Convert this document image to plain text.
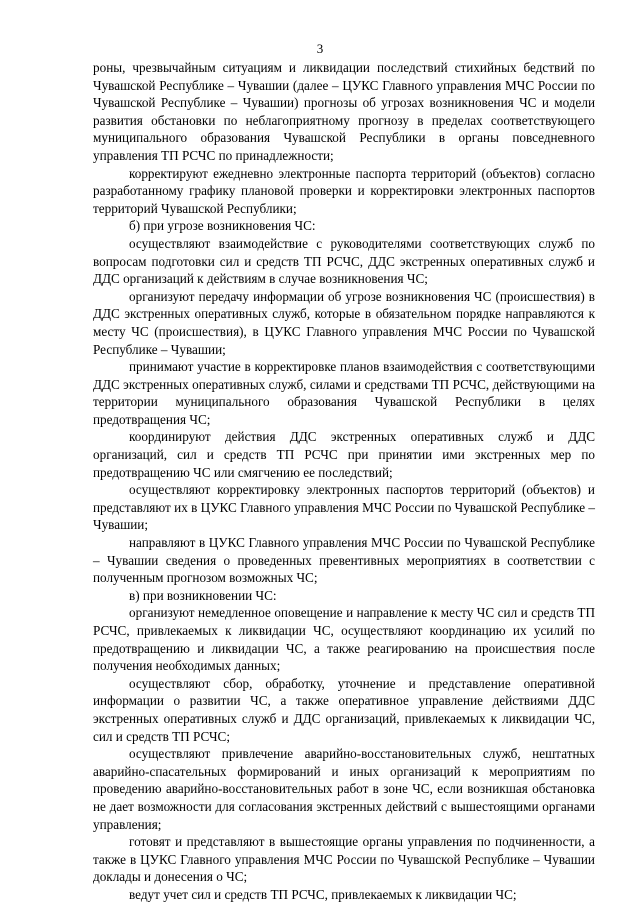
3

роны, чрезвычайным ситуациям и ликвидации последствий стихийных бедствий по Чувашской Республике – Чувашии (далее – ЦУКС Главного управления МЧС России по Чувашской Республике – Чувашии) прогнозы об угрозах возникновения ЧС и модели развития обстановки по неблагоприятному прогнозу в пределах соответствующего муниципального образования Чувашской Республики в органы повседневного управления ТП РСЧС по принадлежности;

корректируют ежедневно электронные паспорта территорий (объектов) согласно разработанному графику плановой проверки и корректировки электронных паспортов территорий Чувашской Республики;

б) при угрозе возникновения ЧС:

осуществляют взаимодействие с руководителями соответствующих служб по вопросам подготовки сил и средств ТП РСЧС, ДДС экстренных оперативных служб и ДДС организаций к действиям в случае возникновения ЧС;

организуют передачу информации об угрозе возникновения ЧС (происшествия) в ДДС экстренных оперативных служб, которые в обязательном порядке направляются к месту ЧС (происшествия), в ЦУКС Главного управления МЧС России по Чувашской Республике – Чувашии;

принимают участие в корректировке планов взаимодействия с соответствующими ДДС экстренных оперативных служб, силами и средствами ТП РСЧС, действующими на территории муниципального образования Чувашской Республики в целях предотвращения ЧС;

координируют действия ДДС экстренных оперативных служб и ДДС организаций, сил и средств ТП РСЧС при принятии ими экстренных мер по предотвращению ЧС или смягчению ее последствий;

осуществляют корректировку электронных паспортов территорий (объектов) и представляют их в ЦУКС Главного управления МЧС России по Чувашской Республике – Чувашии;

направляют в ЦУКС Главного управления МЧС России по Чувашской Республике – Чувашии сведения о проведенных превентивных мероприятиях в соответствии с полученным прогнозом возможных ЧС;

в) при возникновении ЧС:

организуют немедленное оповещение и направление к месту ЧС сил и средств ТП РСЧС, привлекаемых к ликвидации ЧС, осуществляют координацию их усилий по предотвращению и ликвидации ЧС, а также реагированию на происшествия после получения необходимых данных;

осуществляют сбор, обработку, уточнение и представление оперативной информации о развитии ЧС, а также оперативное управление действиями ДДС экстренных оперативных служб и ДДС организаций, привлекаемых к ликвидации ЧС, сил и средств ТП РСЧС;

осуществляют привлечение аварийно-восстановительных служб, нештатных аварийно-спасательных формирований и иных организаций к мероприятиям по проведению аварийно-восстановительных работ в зоне ЧС, если возникшая обстановка не дает возможности для согласования экстренных действий с вышестоящими органами управления;

готовят и представляют в вышестоящие органы управления по подчиненности, а также в ЦУКС Главного управления МЧС России по Чувашской Республике – Чувашии доклады и донесения о ЧС;

ведут учет сил и средств ТП РСЧС, привлекаемых к ликвидации ЧС;
